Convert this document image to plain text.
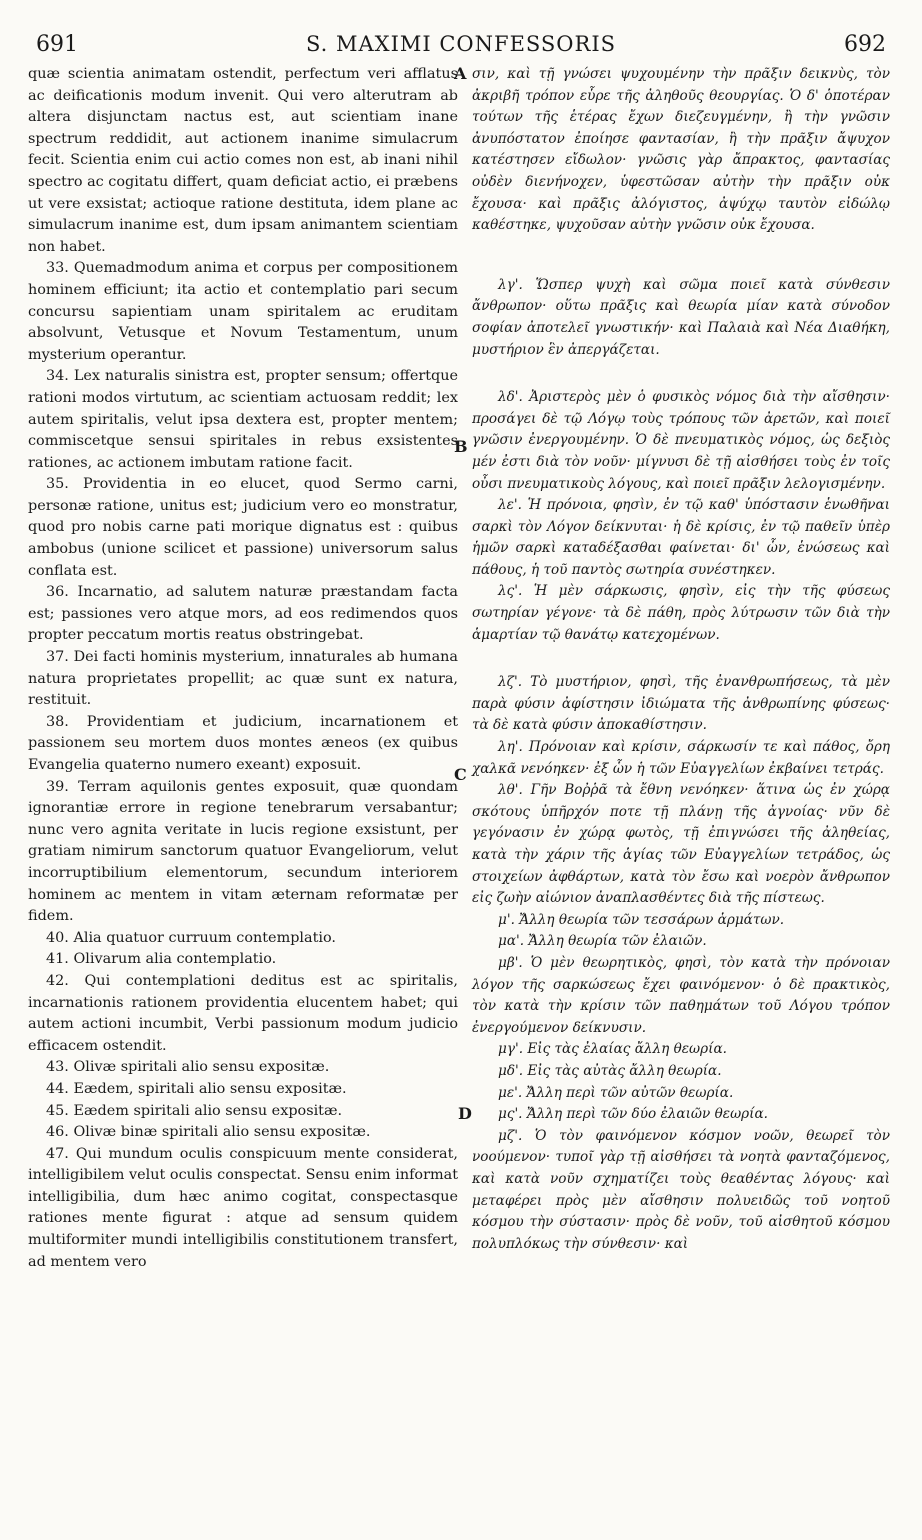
691	S. MAXIMI CONFESSORIS	692
A
B
C
D

quæ scientia animatam ostendit, perfectum veri afflatus ac deificationis modum invenit. Qui vero alterutram ab altera disjunctam nactus est, aut scientiam inane spectrum reddidit, aut actionem inanime simulacrum fecit. Scientia enim cui actio comes non est, ab inani nihil spectro ac cogitatu differt, quam deficiat actio, ei præbens ut vere exsistat; actioque ratione destituta, idem plane ac simulacrum inanime est, dum ipsam animantem scientiam non habet.

33. Quemadmodum anima et corpus per compositionem hominem efficiunt; ita actio et contemplatio pari secum concursu sapientiam unam spiritalem ac eruditam absolvunt, Vetusque et Novum Testamentum, unum mysterium operantur.

34. Lex naturalis sinistra est, propter sensum; offertque rationi modos virtutum, ac scientiam actuosam reddit; lex autem spiritalis, velut ipsa dextera est, propter mentem; commiscetque sensui spiritales in rebus exsistentes rationes, ac actionem imbutam ratione facit.

35. Providentia in eo elucet, quod Sermo carni, personæ ratione, unitus est; judicium vero eo monstratur, quod pro nobis carne pati morique dignatus est : quibus ambobus (unione scilicet et passione) universorum salus conflata est.

36. Incarnatio, ad salutem naturæ præstandam facta est; passiones vero atque mors, ad eos redimendos quos propter peccatum mortis reatus obstringebat.

37. Dei facti hominis mysterium, innaturales ab humana natura proprietates propellit; ac quæ sunt ex natura, restituit.

38. Providentiam et judicium, incarnationem et passionem seu mortem duos montes æneos (ex quibus Evangelia quaterno numero exeant) exposuit.

39. Terram aquilonis gentes exposuit, quæ quondam ignorantiæ errore in regione tenebrarum versabantur; nunc vero agnita veritate in lucis regione exsistunt, per gratiam nimirum sanctorum quatuor Evangeliorum, velut incorruptibilium elementorum, secundum interiorem hominem ac mentem in vitam æternam reformatæ per fidem.

40. Alia quatuor curruum contemplatio.

41. Olivarum alia contemplatio.

42. Qui contemplationi deditus est ac spiritalis, incarnationis rationem providentia elucentem habet; qui autem actioni incumbit, Verbi passionum modum judicio efficacem ostendit.

43. Olivæ spiritali alio sensu expositæ.

44. Eædem, spiritali alio sensu expositæ.

45. Eædem spiritali alio sensu expositæ.

46. Olivæ binæ spiritali alio sensu expositæ.

47. Qui mundum oculis conspicuum mente considerat, intelligibilem velut oculis conspectat. Sensu enim informat intelligibilia, dum hæc animo cogitat, conspectasque rationes mente figurat : atque ad sensum quidem multiformiter mundi intelligibilis constitutionem transfert, ad mentem vero

σιν, καὶ τῇ γνώσει ψυχουμένην τὴν πρᾶξιν δεικνὺς, τὸν ἀκριβῆ τρόπον εὗρε τῆς ἀληθοῦς θεουργίας. Ὁ δ' ὁποτέραν τούτων τῆς ἑτέρας ἔχων διεζευγμένην, ἢ τὴν γνῶσιν ἀνυπόστατον ἐποίησε φαντασίαν, ἢ τὴν πρᾶξιν ἄψυχον κατέστησεν εἴδωλον· γνῶσις γὰρ ἄπρακτος, φαντασίας οὐδὲν διενήνοχεν, ὑφεστῶσαν αὐτὴν τὴν πρᾶξιν οὐκ ἔχουσα· καὶ πρᾶξις ἀλόγιστος, ἀψύχῳ ταυτὸν εἰδώλῳ καθέστηκε, ψυχοῦσαν αὐτὴν γνῶσιν οὐκ ἔχουσα.

λγ'. Ὥσπερ ψυχὴ καὶ σῶμα ποιεῖ κατὰ σύνθεσιν ἄνθρωπον· οὕτω πρᾶξις καὶ θεωρία μίαν κατὰ σύνοδον σοφίαν ἀποτελεῖ γνωστικήν· καὶ Παλαιὰ καὶ Νέα Διαθήκη, μυστήριον ἓν ἀπεργάζεται.

λδ'. Ἀριστερὸς μὲν ὁ φυσικὸς νόμος διὰ τὴν αἴσθησιν· προσάγει δὲ τῷ Λόγῳ τοὺς τρόπους τῶν ἀρετῶν, καὶ ποιεῖ γνῶσιν ἐνεργουμένην. Ὁ δὲ πνευματικὸς νόμος, ὡς δεξιὸς μέν ἐστι διὰ τὸν νοῦν· μίγνυσι δὲ τῇ αἰσθήσει τοὺς ἐν τοῖς οὖσι πνευματικοὺς λόγους, καὶ ποιεῖ πρᾶξιν λελογισμένην.

λε'. Ἡ πρόνοια, φησὶν, ἐν τῷ καθ' ὑπόστασιν ἑνωθῆναι σαρκὶ τὸν Λόγον δείκνυται· ἡ δὲ κρίσις, ἐν τῷ παθεῖν ὑπὲρ ἡμῶν σαρκὶ καταδέξασθαι φαίνεται· δι' ὧν, ἑνώσεως καὶ πάθους, ἡ τοῦ παντὸς σωτηρία συνέστηκεν.

λς'. Ἡ μὲν σάρκωσις, φησὶν, εἰς τὴν τῆς φύσεως σωτηρίαν γέγονε· τὰ δὲ πάθη, πρὸς λύτρωσιν τῶν διὰ τὴν ἁμαρτίαν τῷ θανάτῳ κατεχομένων.

λζ'. Τὸ μυστήριον, φησὶ, τῆς ἐνανθρωπήσεως, τὰ μὲν παρὰ φύσιν ἀφίστησιν ἰδιώματα τῆς ἀνθρωπίνης φύσεως· τὰ δὲ κατὰ φύσιν ἀποκαθίστησιν.

λη'. Πρόνοιαν καὶ κρίσιν, σάρκωσίν τε καὶ πάθος, ὄρη χαλκᾶ νενόηκεν· ἐξ ὧν ἡ τῶν Εὐαγγελίων ἐκβαίνει τετράς.

λθ'. Γῆν Βοῤῥᾶ τὰ ἔθνη νενόηκεν· ἅτινα ὡς ἐν χώρᾳ σκότους ὑπῆρχόν ποτε τῇ πλάνῃ τῆς ἀγνοίας· νῦν δὲ γεγόνασιν ἐν χώρᾳ φωτὸς, τῇ ἐπιγνώσει τῆς ἀληθείας, κατὰ τὴν χάριν τῆς ἁγίας τῶν Εὐαγγελίων τετράδος, ὡς στοιχείων ἀφθάρτων, κατὰ τὸν ἔσω καὶ νοερὸν ἄνθρωπον εἰς ζωὴν αἰώνιον ἀναπλασθέντες διὰ τῆς πίστεως.

μ'. Ἄλλη θεωρία τῶν τεσσάρων ἁρμάτων.

μα'. Ἄλλη θεωρία τῶν ἐλαιῶν.

μβ'. Ὁ μὲν θεωρητικὸς, φησὶ, τὸν κατὰ τὴν πρόνοιαν λόγον τῆς σαρκώσεως ἔχει φαινόμενον· ὁ δὲ πρακτικὸς, τὸν κατὰ τὴν κρίσιν τῶν παθημάτων τοῦ Λόγου τρόπον ἐνεργούμενον δείκνυσιν.

μγ'. Εἰς τὰς ἐλαίας ἄλλη θεωρία.

μδ'. Εἰς τὰς αὐτὰς ἄλλη θεωρία.

με'. Ἄλλη περὶ τῶν αὐτῶν θεωρία.

μς'. Ἄλλη περὶ τῶν δύο ἐλαιῶν θεωρία.

μζ'. Ὁ τὸν φαινόμενον κόσμον νοῶν, θεωρεῖ τὸν νοούμενον· τυποῖ γὰρ τῇ αἰσθήσει τὰ νοητὰ φανταζόμενος, καὶ κατὰ νοῦν σχηματίζει τοὺς θεαθέντας λόγους· καὶ μεταφέρει πρὸς μὲν αἴσθησιν πολυειδῶς τοῦ νοητοῦ κόσμου τὴν σύστασιν· πρὸς δὲ νοῦν, τοῦ αἰσθητοῦ κόσμου πολυπλόκως τὴν σύνθεσιν· καὶ
